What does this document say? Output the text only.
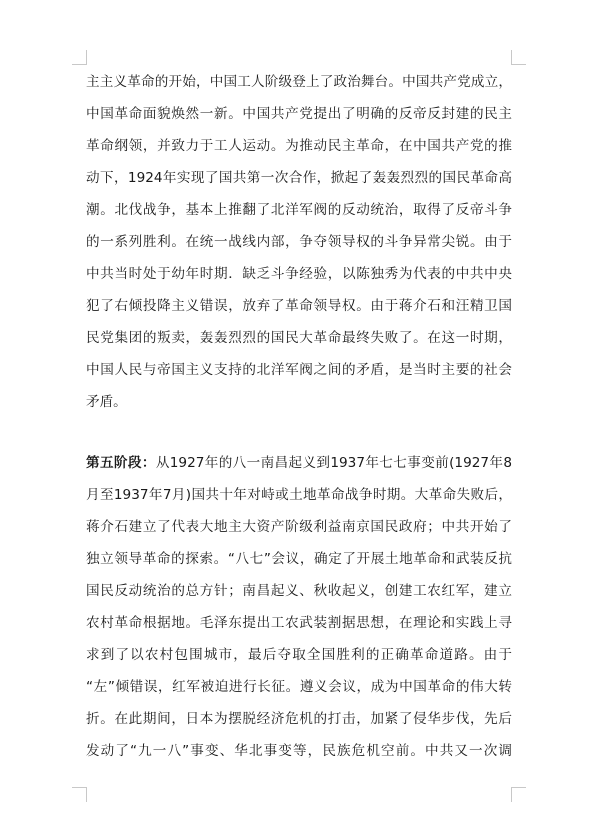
主主义革命的开始，中国工人阶级登上了政治舞台。中国共产党成立，
中国革命面貌焕然一新。中国共产党提出了明确的反帝反封建的民主
革命纲领，并致力于工人运动。为推动民主革命，在中国共产党的推
动下，1924年实现了国共第一次合作，掀起了轰轰烈烈的国民革命高
潮。北伐战争，基本上推翻了北洋军阀的反动统治，取得了反帝斗争
的一系列胜利。在统一战线内部，争夺领导权的斗争异常尖锐。由于
中共当时处于幼年时期．缺乏斗争经验，以陈独秀为代表的中共中央
犯了右倾投降主义错误，放弃了革命领导权。由于蒋介石和汪精卫国
民党集团的叛卖，轰轰烈烈的国民大革命最终失败了。在这一时期，
中国人民与帝国主义支持的北洋军阀之间的矛盾，是当时主要的社会
矛盾。
第五阶段：从1927年的八一南昌起义到1937年七七事变前(1927年8
月至1937年7月)国共十年对峙或土地革命战争时期。大革命失败后，
蒋介石建立了代表大地主大资产阶级利益南京国民政府；中共开始了
独立领导革命的探索。“八七”会议，确定了开展土地革命和武装反抗
国民反动统治的总方针；南昌起义、秋收起义，创建工农红军，建立
农村革命根据地。毛泽东提出工农武装割据思想，在理论和实践上寻
求到了以农村包围城市，最后夺取全国胜利的正确革命道路。由于
“左”倾错误，红军被迫进行长征。遵义会议，成为中国革命的伟大转
折。在此期间，日本为摆脱经济危机的打击，加紧了侵华步伐，先后
发动了“九一八”事变、华北事变等，民族危机空前。中共又一次调
